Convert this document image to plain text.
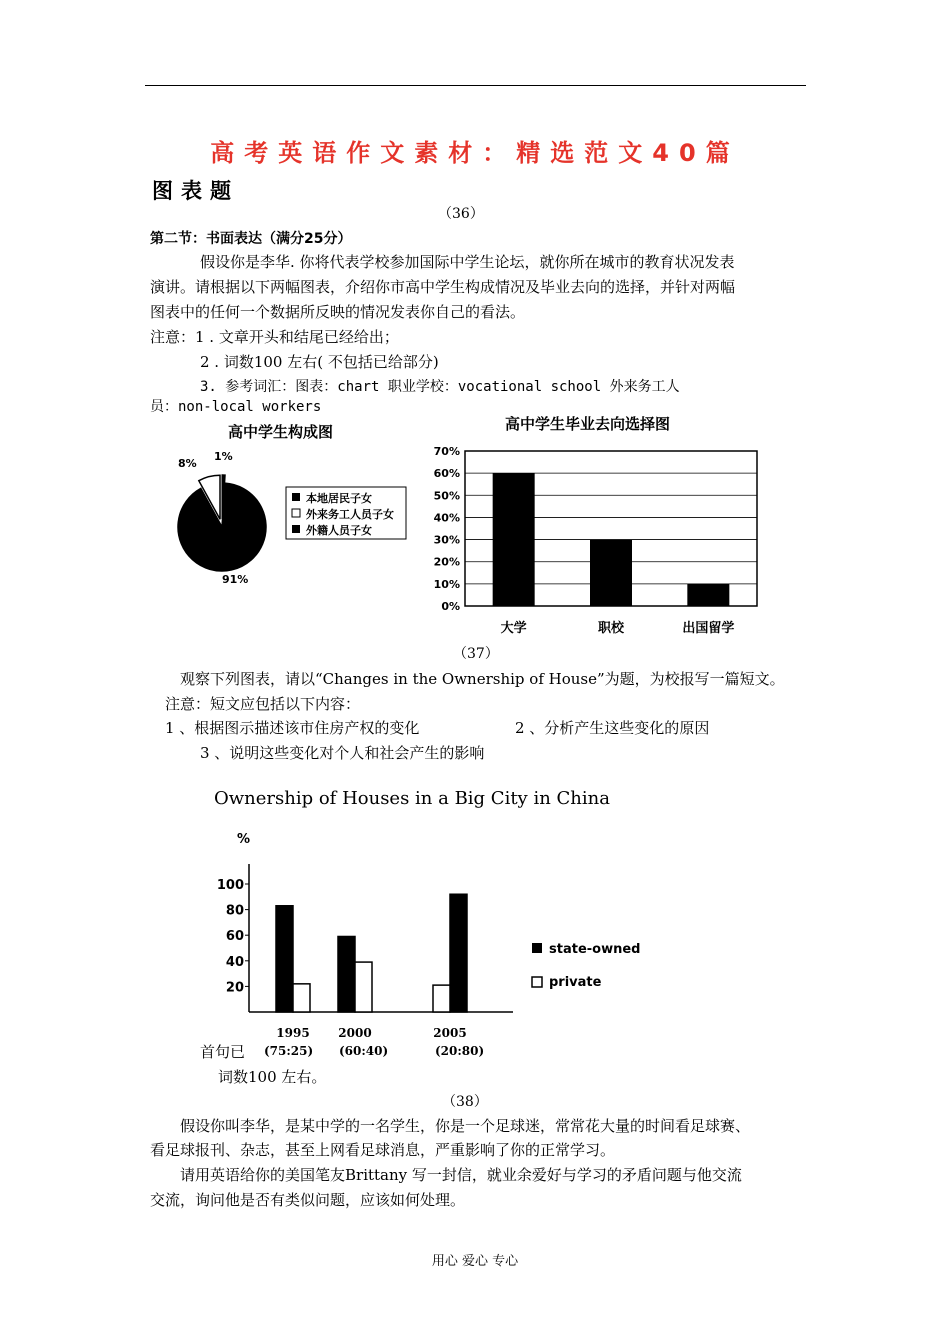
高考英语作文素材：精选范文40篇
图表题
（36）
第二节：书面表达（满分25分）
假设你是李华. 你将代表学校参加国际中学生论坛，就你所在城市的教育状况发表
演讲。请根据以下两幅图表，介绍你市高中学生构成情况及毕业去向的选择，并针对两幅
图表中的任何一个数据所反映的情况发表你自己的看法。
注意：1 . 文章开头和结尾已经给出；
2 . 词数100 左右( 不包括已给部分)
3. 参考词汇：图表：chart 职业学校：vocational school 外来务工人
员：non-local workers
高中学生构成图
8%
1%
91%
本地居民子女
外来务工人员子女
外籍人员子女
高中学生毕业去向选择图
0%
10%
20%
30%
40%
50%
60%
70%
大学	职校	出国留学
（37）
观察下列图表，请以“Changes in the Ownership of House”为题，为校报写一篇短文。
注意：短文应包括以下内容：
1 、根据图示描述该市住房产权的变化	2 、分析产生这些变化的原因
3 、说明这些变化对个人和社会产生的影响
Ownership of Houses in a Big City in China
%
20
40
60
80
100
1995 2000	2005
state-owned
private
首句已 (75:25) (60:40)	(20:80)
词数100 左右。
（38）
假设你叫李华，是某中学的一名学生，你是一个足球迷，常常花大量的时间看足球赛、
看足球报刊、杂志，甚至上网看足球消息，严重影响了你的正常学习。
请用英语给你的美国笔友Brittany 写一封信，就业余爱好与学习的矛盾问题与他交流
交流，询问他是否有类似问题，应该如何处理。
用心 爱心 专心
